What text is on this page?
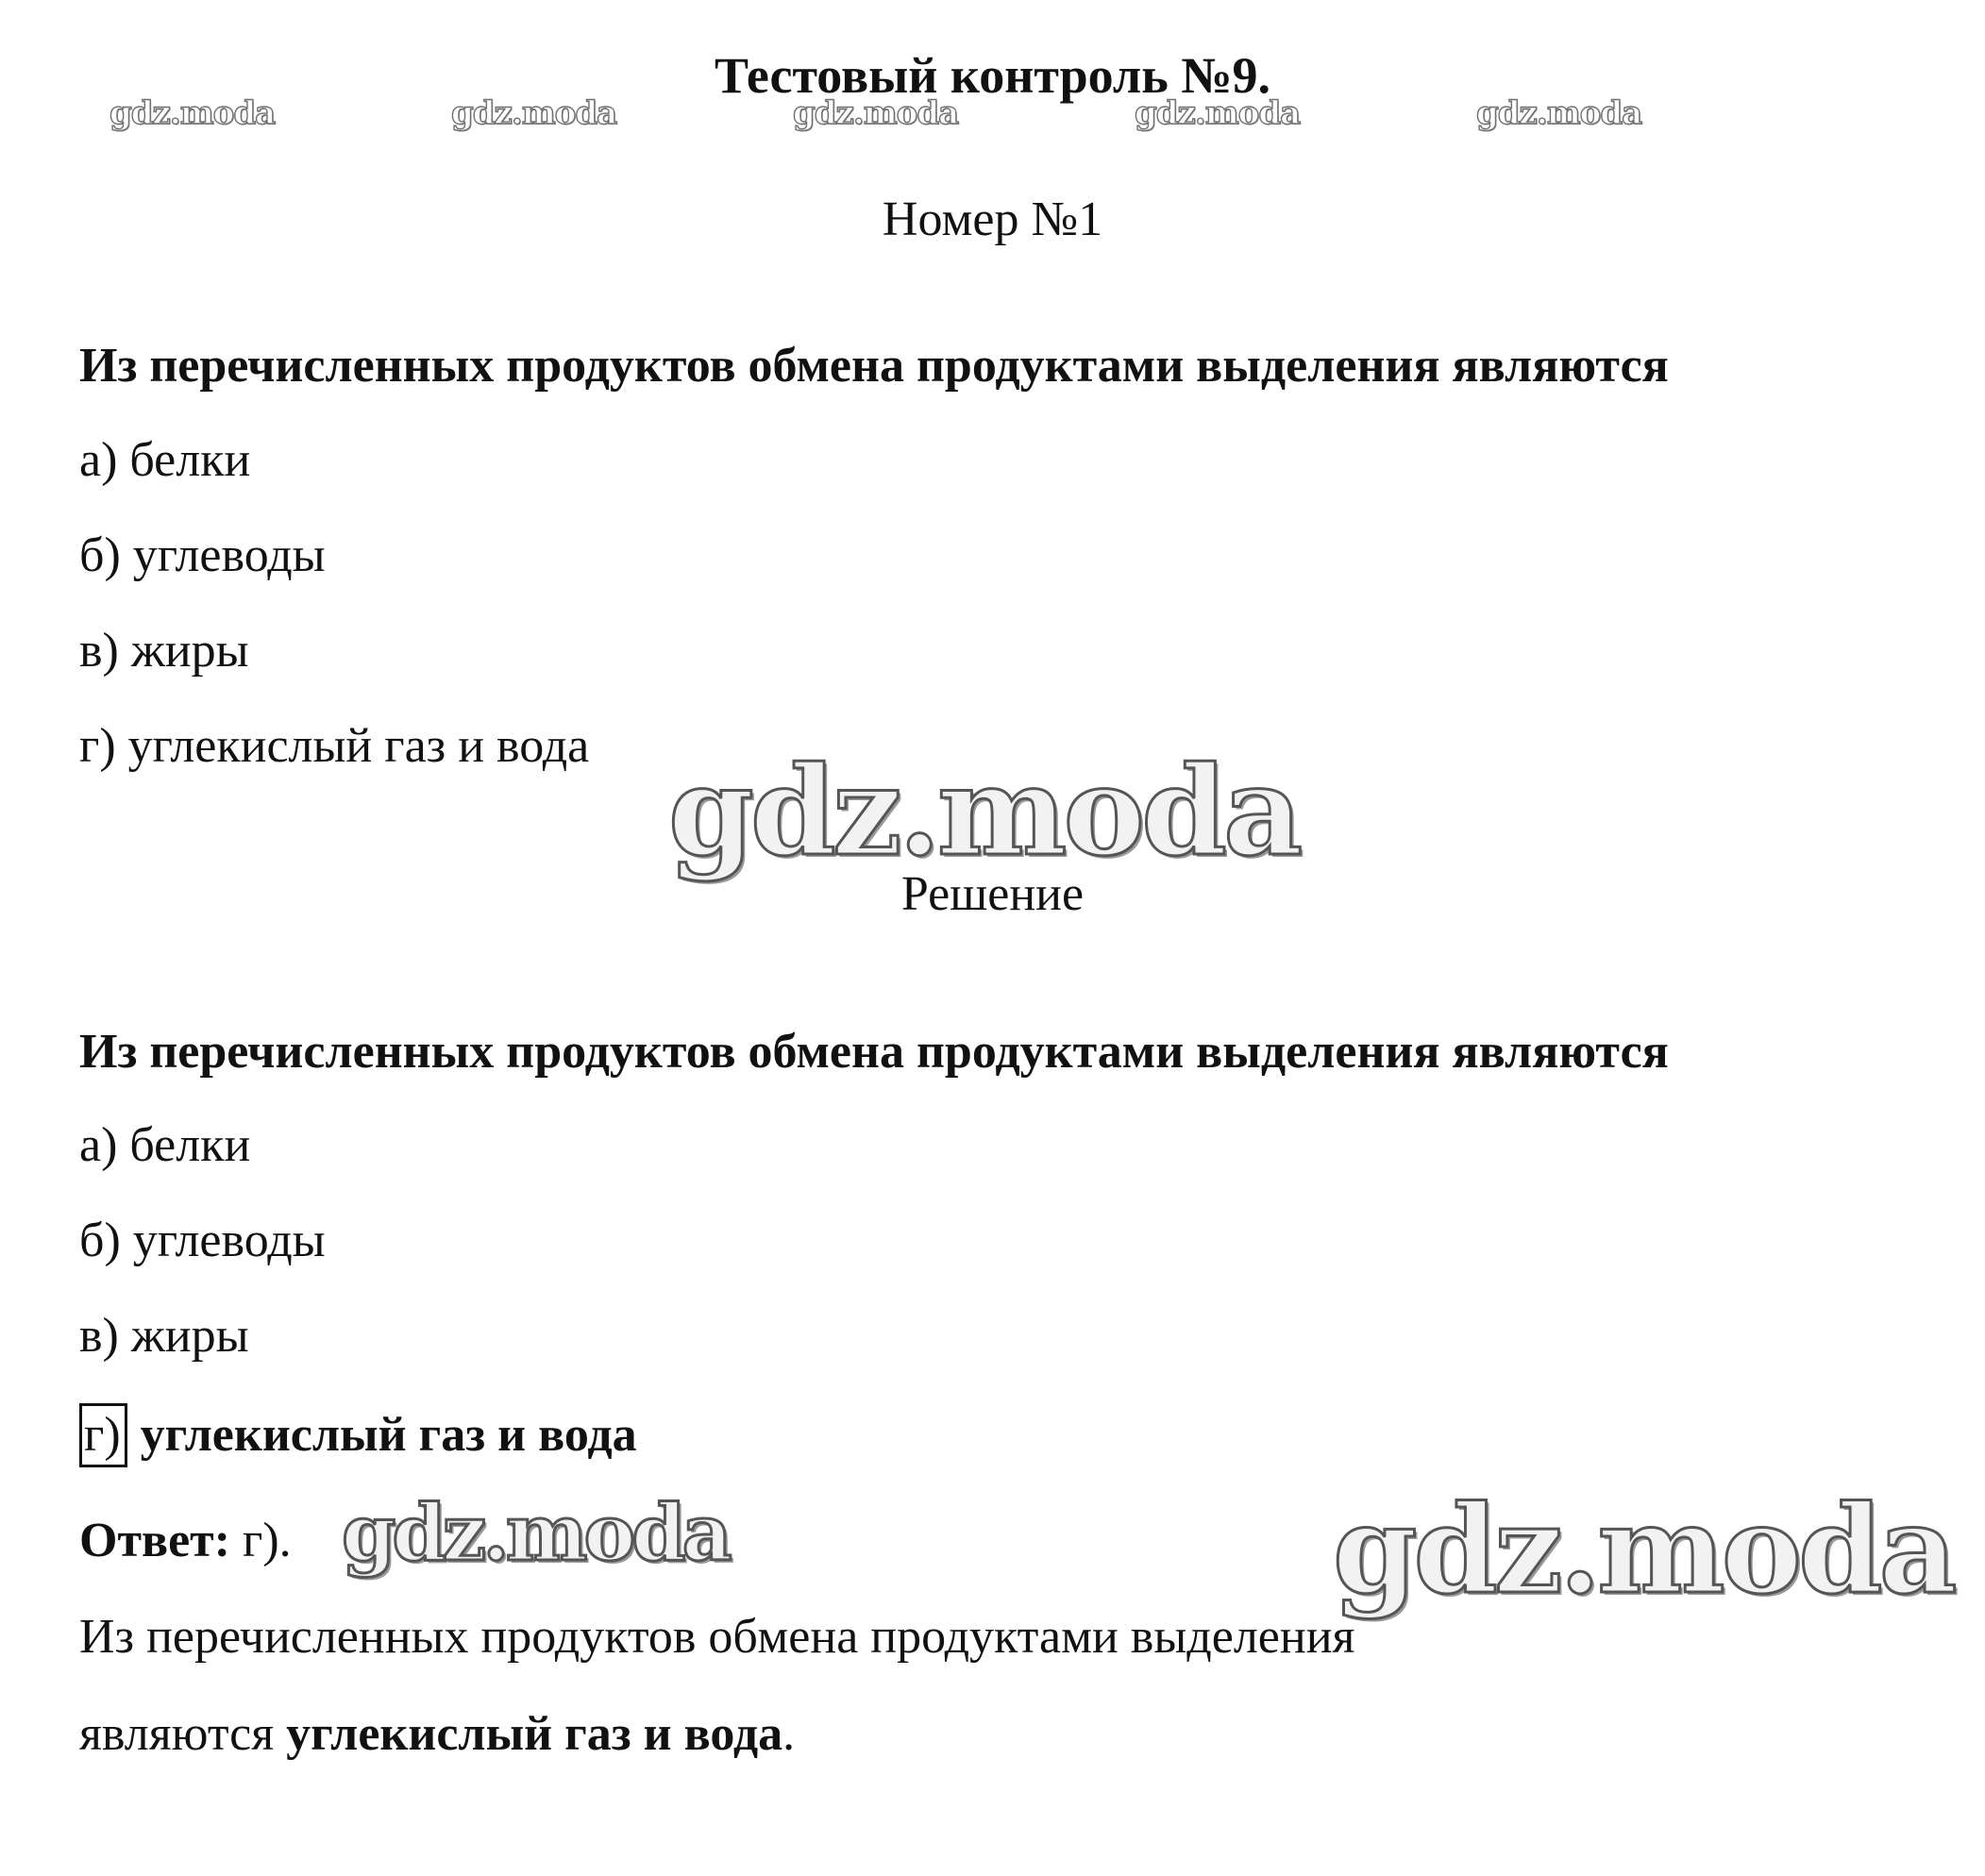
Тестовый контроль №9.
gdz.moda	gdz.moda	gdz.moda	gdz.moda	gdz.moda
Номер №1
Из перечисленных продуктов обмена продуктами выделения являются
а) белки
б) углеводы
в) жиры
г) углекислый газ и вода gdz.moda
Решение
Из перечисленных продуктов обмена продуктами выделения являются
а) белки
б) углеводы
в) жиры
г) углекислый газ и вода
Ответ: г). gdz.moda	gdz.moda
Из перечисленных продуктов обмена продуктами выделения
являются углекислый газ и вода.
